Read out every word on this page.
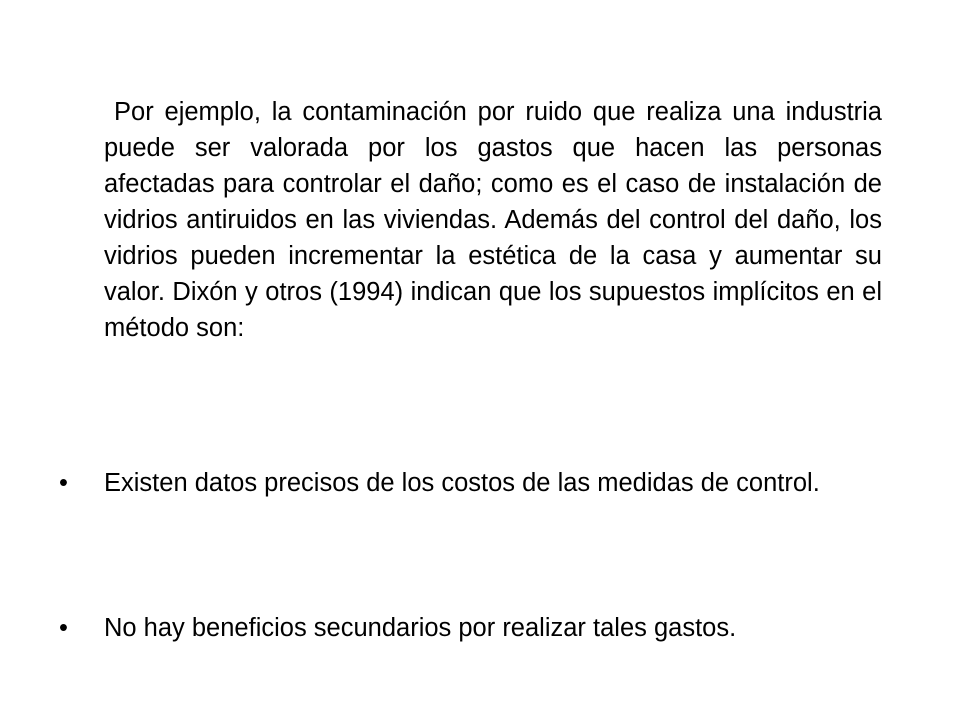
Por ejemplo, la contaminación por ruido que realiza una industria puede ser valorada por los gastos que hacen las personas afectadas para controlar el daño; como es el caso de instalación de vidrios antiruidos en las viviendas. Además del control del daño, los vidrios pueden incrementar la estética de la casa y aumentar su valor. Dixón y otros (1994) indican que los supuestos implícitos en el método son:

• Existen datos precisos de los costos de las medidas de control.

• No hay beneficios secundarios por realizar tales gastos.
